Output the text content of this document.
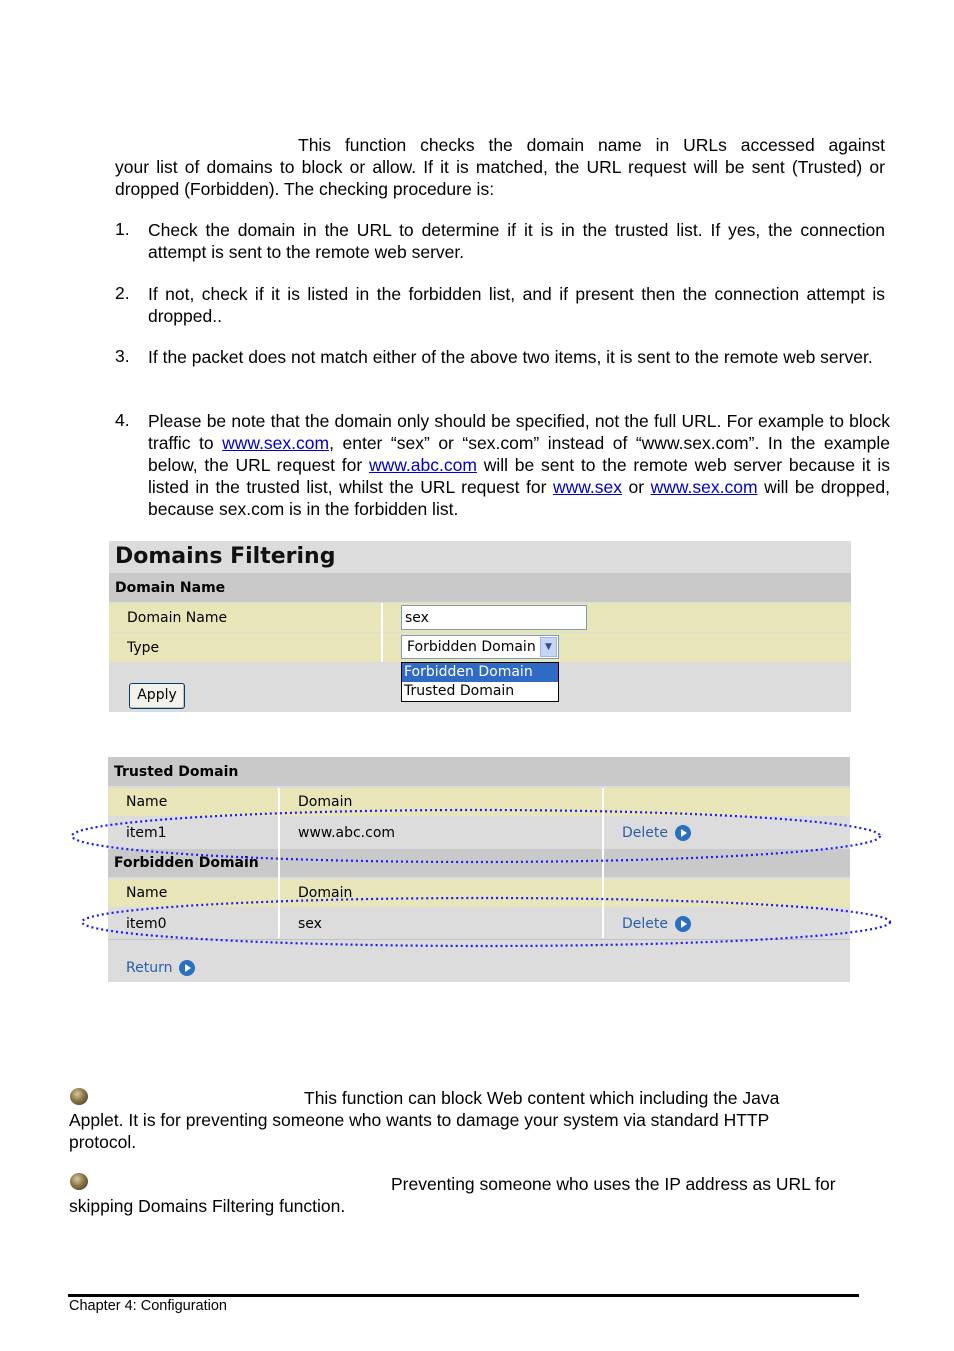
This function checks the domain name in URLs accessed against
your list of domains to block or allow. If it is matched, the URL request will be sent (Trusted) or dropped (Forbidden). The checking procedure is:
1. Check the domain in the URL to determine if it is in the trusted list. If yes, the connection attempt is sent to the remote web server.
2. If not, check if it is listed in the forbidden list, and if present then the connection attempt is dropped..
3. If the packet does not match either of the above two items, it is sent to the remote web server.
4. Please be note that the domain only should be specified, not the full URL. For example to block traffic to www.sex.com, enter “sex” or “sex.com” instead of “www.sex.com”. In the example below, the URL request for www.abc.com will be sent to the remote web server because it is listed in the trusted list, whilst the URL request for www.sex or www.sex.com will be dropped, because sex.com is in the forbidden list.
Domains Filtering
Domain Name
Domain Name	sex
Type	Forbidden Domain	▼
Forbidden Domain
Trusted Domain
Apply
Trusted Domain
Name	Domain
item1	www.abc.com	Delete
Forbidden Domain
Name	Domain
item0	sex	Delete
Return
This function can block Web content which including the Java
Applet. It is for preventing someone who wants to damage your system via standard HTTP
protocol.
Preventing someone who uses the IP address as URL for
skipping Domains Filtering function.
Chapter 4: Configuration
